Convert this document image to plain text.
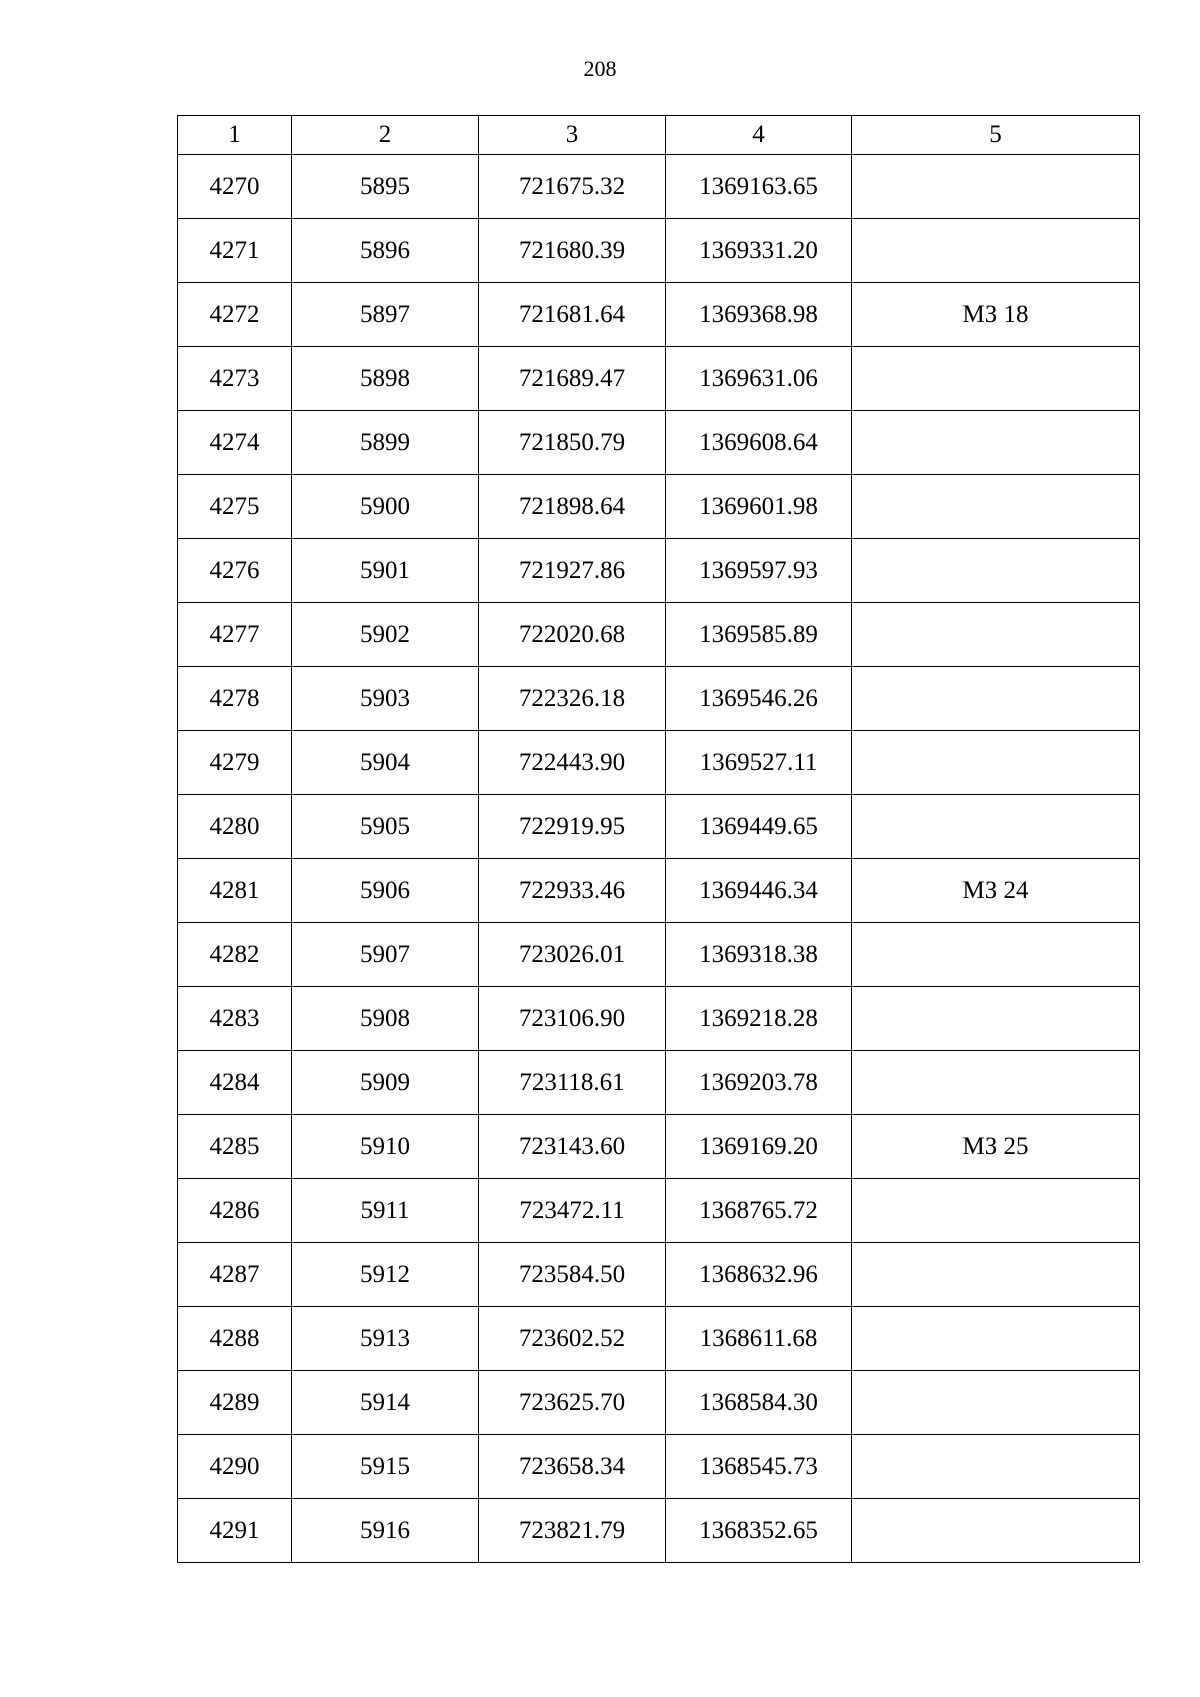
208
1	2	3	4	5
4270	5895	721675.32	1369163.65	
4271	5896	721680.39	1369331.20	
4272	5897	721681.64	1369368.98	МЗ 18
4273	5898	721689.47	1369631.06	
4274	5899	721850.79	1369608.64	
4275	5900	721898.64	1369601.98	
4276	5901	721927.86	1369597.93	
4277	5902	722020.68	1369585.89	
4278	5903	722326.18	1369546.26	
4279	5904	722443.90	1369527.11	
4280	5905	722919.95	1369449.65	
4281	5906	722933.46	1369446.34	МЗ 24
4282	5907	723026.01	1369318.38	
4283	5908	723106.90	1369218.28	
4284	5909	723118.61	1369203.78	
4285	5910	723143.60	1369169.20	МЗ 25
4286	5911	723472.11	1368765.72	
4287	5912	723584.50	1368632.96	
4288	5913	723602.52	1368611.68	
4289	5914	723625.70	1368584.30	
4290	5915	723658.34	1368545.73	
4291	5916	723821.79	1368352.65	
